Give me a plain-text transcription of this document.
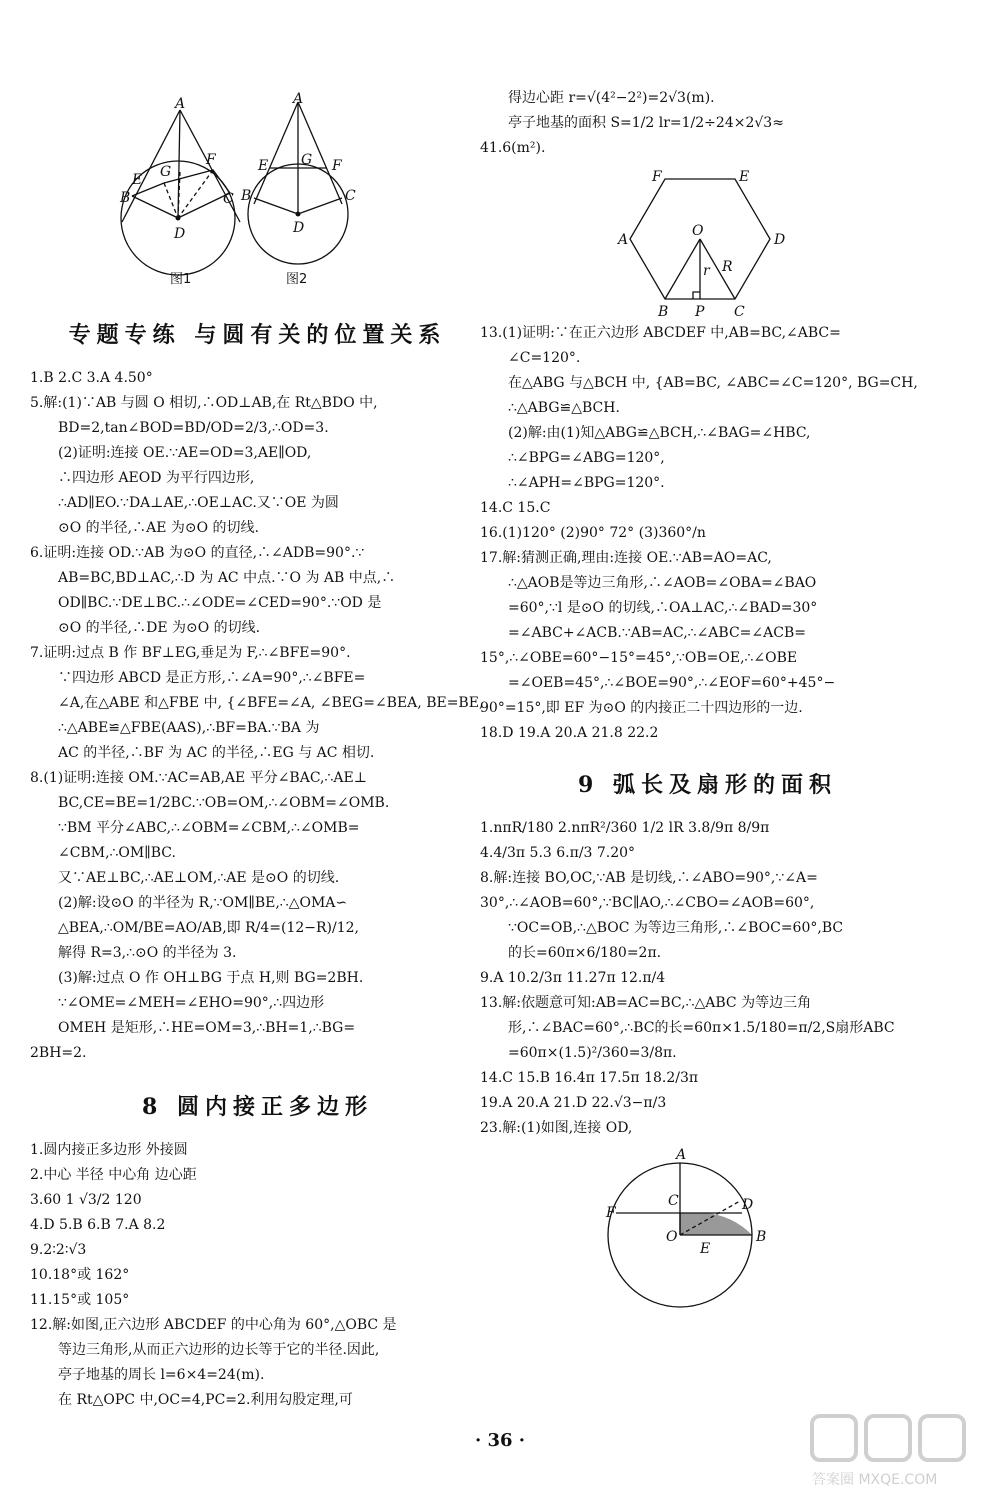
A
E G
F
B	C
D
A
E G F
B	C
D
图1	图2
专题专练 与圆有关的位置关系
1.B 2.C 3.A 4.50°
5.解:(1)∵AB 与圆 O 相切,∴OD⊥AB,在 Rt△BDO 中,
BD=2,tan∠BOD=BD/OD=2/3,∴OD=3.
(2)证明:连接 OE.∵AE=OD=3,AE∥OD,
∴四边形 AEOD 为平行四边形,
∴AD∥EO.∵DA⊥AE,∴OE⊥AC.又∵OE 为圆
⊙O 的半径,∴AE 为⊙O 的切线.
6.证明:连接 OD.∵AB 为⊙O 的直径,∴∠ADB=90°.∵
AB=BC,BD⊥AC,∴D 为 AC 中点.∵O 为 AB 中点,∴
OD∥BC.∵DE⊥BC.∴∠ODE=∠CED=90°.∵OD 是
⊙O 的半径,∴DE 为⊙O 的切线.
7.证明:过点 B 作 BF⊥EG,垂足为 F,∴∠BFE=90°.
∵四边形 ABCD 是正方形,∴∠A=90°,∴∠BFE=
∠A,在△ABE 和△FBE 中, {∠BFE=∠A, ∠BEG=∠BEA, BE=BE,
∴△ABE≌△FBE(AAS),∴BF=BA.∵BA 为
AC 的半径,∴BF 为 AC 的半径,∴EG 与 AC 相切.
8.(1)证明:连接 OM.∵AC=AB,AE 平分∠BAC,∴AE⊥
BC,CE=BE=1/2BC.∵OB=OM,∴∠OBM=∠OMB.
∵BM 平分∠ABC,∴∠OBM=∠CBM,∴∠OMB=
∠CBM,∴OM∥BC.
又∵AE⊥BC,∴AE⊥OM,∴AE 是⊙O 的切线.
(2)解:设⊙O 的半径为 R,∵OM∥BE,∴△OMA∽
△BEA,∴OM/BE=AO/AB,即 R/4=(12−R)/12,
解得 R=3,∴⊙O 的半径为 3.
(3)解:过点 O 作 OH⊥BG 于点 H,则 BG=2BH.
∵∠OME=∠MEH=∠EHO=90°,∴四边形
OMEH 是矩形,∴HE=OM=3,∴BH=1,∴BG=
2BH=2.
8 圆内接正多边形
1.圆内接正多边形 外接圆
2.中心 半径 中心角 边心距
3.60 1 √3/2 120
4.D 5.B 6.B 7.A 8.2
9.2∶2∶√3
10.18°或 162°
11.15°或 105°
12.解:如图,正六边形 ABCDEF 的中心角为 60°,△OBC 是
等边三角形,从而正六边形的边长等于它的半径.因此,
亭子地基的周长 l=6×4=24(m).
在 Rt△OPC 中,OC=4,PC=2.利用勾股定理,可
得边心距 r=√(4²−2²)=2√3(m).
亭子地基的面积 S=1/2 lr=1/2÷24×2√3≈
41.6(m²).
F	E
A	D
O
R
r
B P C
13.(1)证明:∵在正六边形 ABCDEF 中,AB=BC,∠ABC=
∠C=120°.
在△ABG 与△BCH 中, {AB=BC, ∠ABC=∠C=120°, BG=CH,
∴△ABG≌△BCH.
(2)解:由(1)知△ABG≌△BCH,∴∠BAG=∠HBC,
∴∠BPG=∠ABG=120°,
∴∠APH=∠BPG=120°.
14.C 15.C
16.(1)120° (2)90° 72° (3)360°/n
17.解:猜测正确,理由:连接 OE.∵AB=AO=AC,
∴△AOB是等边三角形,∴∠AOB=∠OBA=∠BAO
=60°,∵l 是⊙O 的切线,∴OA⊥AC,∴∠BAD=30°
=∠ABC+∠ACB.∵AB=AC,∴∠ABC=∠ACB=
15°,∴∠OBE=60°−15°=45°,∵OB=OE,∴∠OBE
=∠OEB=45°,∴∠BOE=90°,∴∠EOF=60°+45°−
90°=15°,即 EF 为⊙O 的内接正二十四边形的一边.
18.D 19.A 20.A 21.8 22.2
9 弧长及扇形的面积
1.nπR/180 2.nπR²/360 1/2 lR 3.8/9π 8/9π
4.4/3π 5.3 6.π/3 7.20°
8.解:连接 BO,OC,∵AB 是切线,∴∠ABO=90°,∵∠A=
30°,∴∠AOB=60°,∵BC∥AO,∴∠CBO=∠AOB=60°,
∵OC=OB,∴△BOC 为等边三角形,∴∠BOC=60°,BC
的长=60π×6/180=2π.
9.A 10.2/3π 11.27π 12.π/4
13.解:依题意可知:AB=AC=BC,∴△ABC 为等边三角
形,∴∠BAC=60°,∴BC的长=60π×1.5/180=π/2,S扇形ABC
=60π×(1.5)²/360=3/8π.
14.C 15.B 16.4π 17.5π 18.2/3π
19.A 20.A 21.D 22.√3−π/3
23.解:(1)如图,连接 OD,
A
C	D
F
O	B
E
· 36 ·
答案圈 MXQE.COM
